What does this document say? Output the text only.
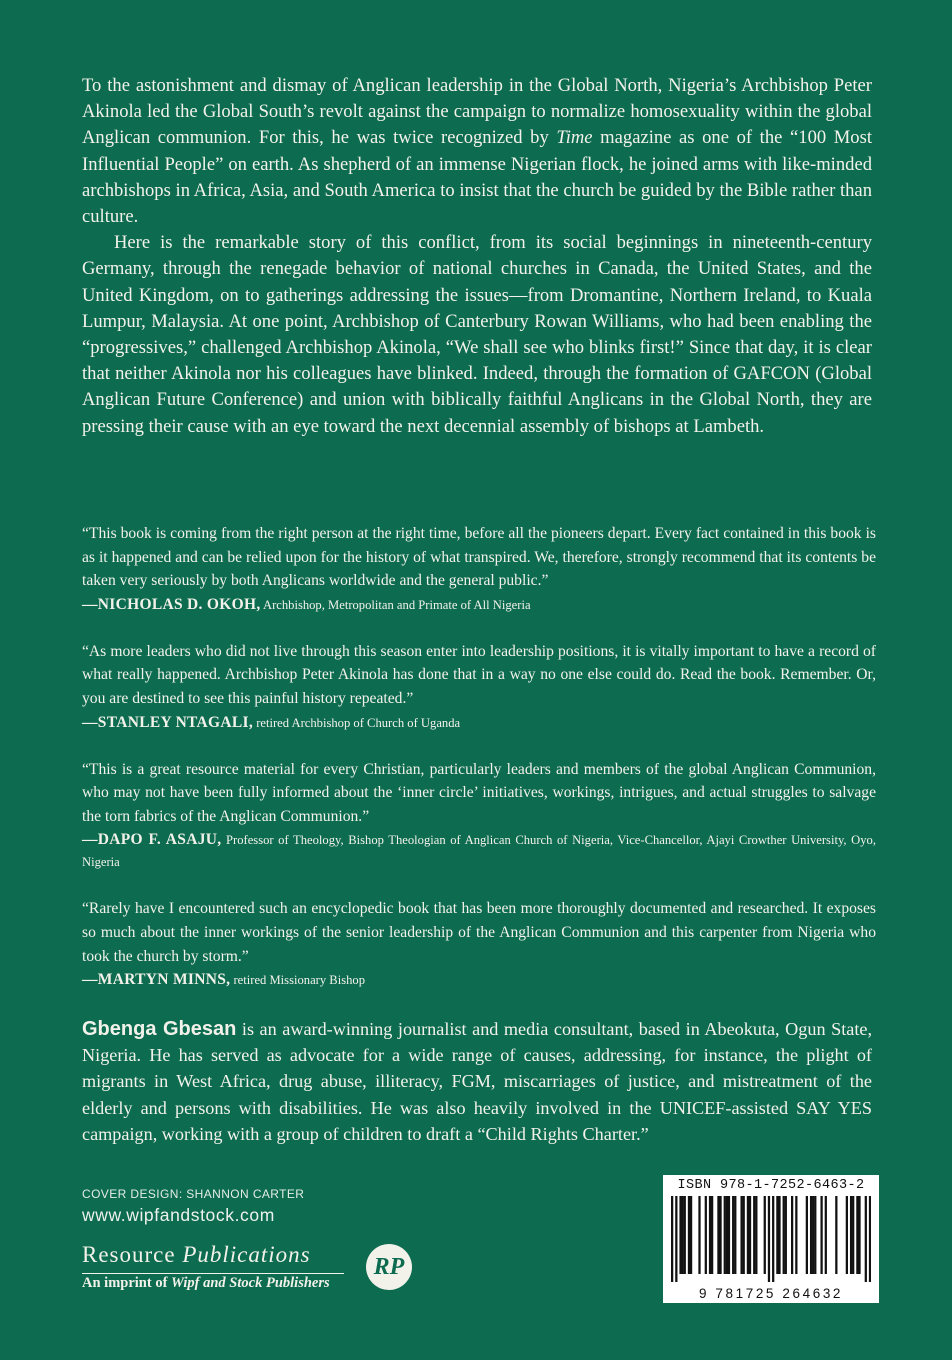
To the astonishment and dismay of Anglican leadership in the Global North, Nigeria’s Archbishop Peter Akinola led the Global South’s revolt against the campaign to normalize homosexuality within the global Anglican communion. For this, he was twice recognized by Time magazine as one of the “100 Most Influential People” on earth. As shepherd of an immense Nigerian flock, he joined arms with like-minded archbishops in Africa, Asia, and South America to insist that the church be guided by the Bible rather than culture.

Here is the remarkable story of this conflict, from its social beginnings in nineteenth-century Germany, through the renegade behavior of national churches in Canada, the United States, and the United Kingdom, on to gatherings addressing the issues—from Dromantine, Northern Ireland, to Kuala Lumpur, Malaysia. At one point, Archbishop of Canterbury Rowan Williams, who had been enabling the “progressives,” challenged Archbishop Akinola, “We shall see who blinks first!” Since that day, it is clear that neither Akinola nor his colleagues have blinked. Indeed, through the formation of GAFCON (Global Anglican Future Conference) and union with biblically faithful Anglicans in the Global North, they are pressing their cause with an eye toward the next decennial assembly of bishops at Lambeth.

“This book is coming from the right person at the right time, before all the pioneers depart. Every fact contained in this book is as it happened and can be relied upon for the history of what transpired. We, therefore, strongly recommend that its contents be taken very seriously by both Anglicans worldwide and the general public.”

—NICHOLAS D. OKOH, Archbishop, Metropolitan and Primate of All Nigeria

“As more leaders who did not live through this season enter into leadership positions, it is vitally important to have a record of what really happened. Archbishop Peter Akinola has done that in a way no one else could do. Read the book. Remember. Or, you are destined to see this painful history repeated.”

—STANLEY NTAGALI, retired Archbishop of Church of Uganda

“This is a great resource material for every Christian, particularly leaders and members of the global Anglican Communion, who may not have been fully informed about the ‘inner circle’ initiatives, workings, intrigues, and actual struggles to salvage the torn fabrics of the Anglican Communion.”

—DAPO F. ASAJU, Professor of Theology, Bishop Theologian of Anglican Church of Nigeria, Vice-Chancellor, Ajayi Crowther University, Oyo, Nigeria

“Rarely have I encountered such an encyclopedic book that has been more thoroughly documented and researched. It exposes so much about the inner workings of the senior leadership of the Anglican Communion and this carpenter from Nigeria who took the church by storm.”

—MARTYN MINNS, retired Missionary Bishop

Gbenga Gbesan is an award-winning journalist and media consultant, based in Abeokuta, Ogun State, Nigeria. He has served as advocate for a wide range of causes, addressing, for instance, the plight of migrants in West Africa, drug abuse, illiteracy, FGM, miscarriages of justice, and mistreatment of the elderly and persons with disabilities. He was also heavily involved in the UNICEF-assisted SAY YES campaign, working with a group of children to draft a “Child Rights Charter.”
COVER DESIGN: SHANNON CARTER
www.wipfandstock.com
Resource Publications
An imprint of Wipf and Stock Publishers
RP
ISBN 978-1-7252-6463-2
9 781725 264632
